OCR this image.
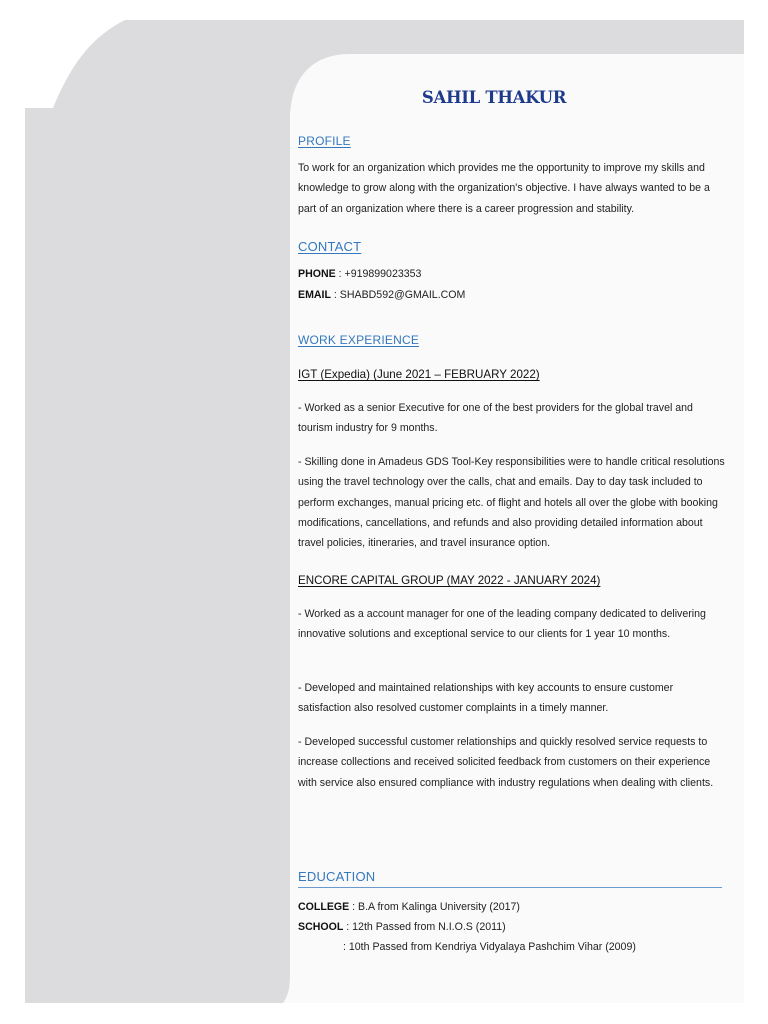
SAHIL THAKUR
PROFILE

To work for an organization which provides me the opportunity to improve my skills and knowledge to grow along with the organization's objective. I have always wanted to be a part of an organization where there is a career progression and stability.

CONTACT

PHONE : +919899023353

EMAIL : SHABD592@GMAIL.COM

WORK EXPERIENCE
IGT (Expedia) (June 2021 – FEBRUARY 2022)

- Worked as a senior Executive for one of the best providers for the global travel and tourism industry for 9 months.

- Skilling done in Amadeus GDS Tool-Key responsibilities were to handle critical resolutions using the travel technology over the calls, chat and emails. Day to day task included to perform exchanges, manual pricing etc. of flight and hotels all over the globe with booking modifications, cancellations, and refunds and also providing detailed information about travel policies, itineraries, and travel insurance option.

ENCORE CAPITAL GROUP (MAY 2022 - JANUARY 2024)

- Worked as a account manager for one of the leading company dedicated to delivering innovative solutions and exceptional service to our clients for 1 year 10 months.

- Developed and maintained relationships with key accounts to ensure customer satisfaction also resolved customer complaints in a timely manner.

- Developed successful customer relationships and quickly resolved service requests to increase collections and received solicited feedback from customers on their experience with service also ensured compliance with industry regulations when dealing with clients.

EDUCATION

COLLEGE : B.A from Kalinga University (2017)

SCHOOL : 12th Passed from N.I.O.S (2011)

: 10th Passed from Kendriya Vidyalaya Pashchim Vihar (2009)
